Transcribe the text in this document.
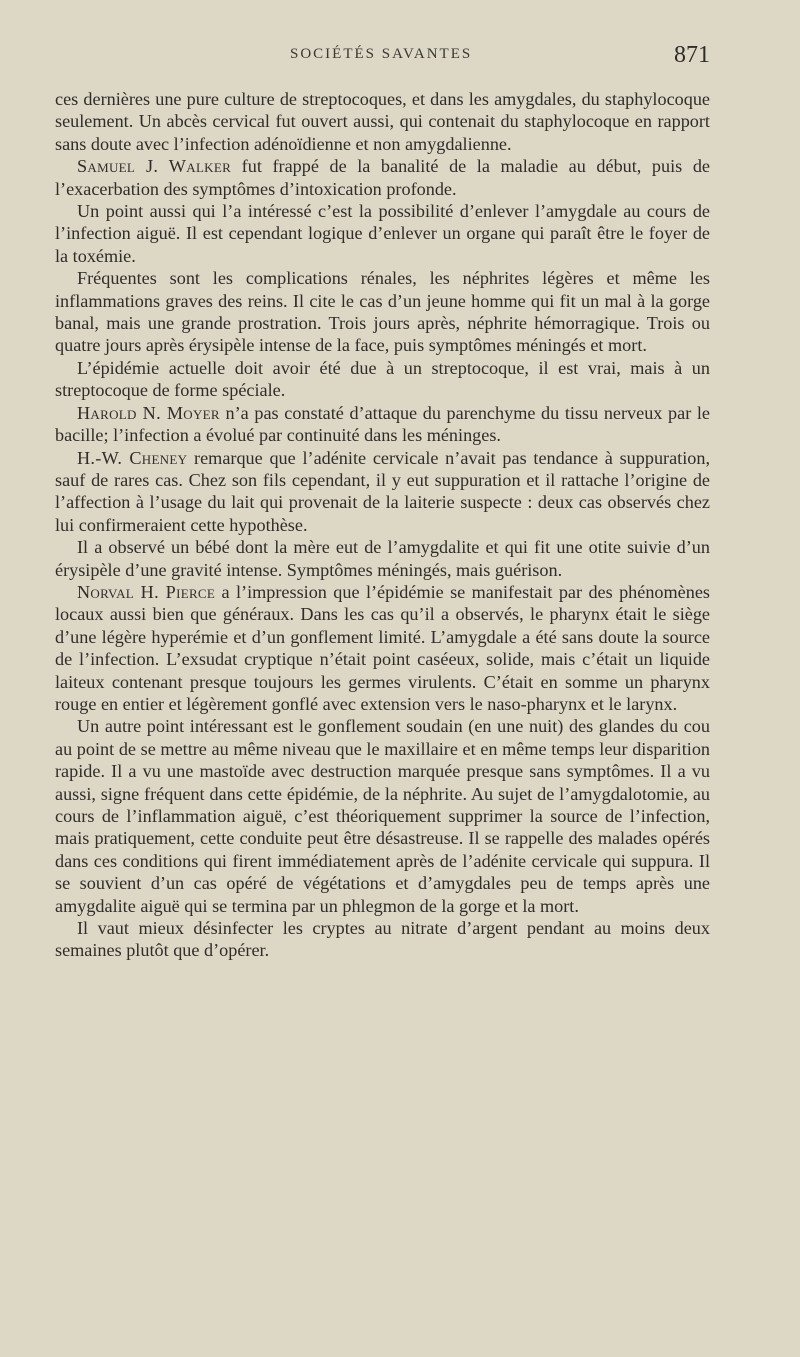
SOCIÉTÉS SAVANTES	871

ces dernières une pure culture de streptocoques, et dans les amygdales, du staphylocoque seulement. Un abcès cervical fut ouvert aussi, qui contenait du staphylocoque en rapport sans doute avec l’infection adénoïdienne et non amygdalienne.

Samuel J. Walker fut frappé de la banalité de la maladie au début, puis de l’exacerbation des symptômes d’intoxication profonde.

Un point aussi qui l’a intéressé c’est la possibilité d’enlever l’amygdale au cours de l’infection aiguë. Il est cependant logique d’enlever un organe qui paraît être le foyer de la toxémie.

Fréquentes sont les complications rénales, les néphrites légères et même les inflammations graves des reins. Il cite le cas d’un jeune homme qui fit un mal à la gorge banal, mais une grande prostration. Trois jours après, néphrite hémorragique. Trois ou quatre jours après érysipèle intense de la face, puis symptômes méningés et mort.

L’épidémie actuelle doit avoir été due à un streptocoque, il est vrai, mais à un streptocoque de forme spéciale.

Harold N. Moyer n’a pas constaté d’attaque du parenchyme du tissu nerveux par le bacille; l’infection a évolué par continuité dans les méninges.

H.-W. Cheney remarque que l’adénite cervicale n’avait pas tendance à suppuration, sauf de rares cas. Chez son fils cependant, il y eut suppuration et il rattache l’origine de l’affection à l’usage du lait qui provenait de la laiterie suspecte : deux cas observés chez lui confirmeraient cette hypothèse.

Il a observé un bébé dont la mère eut de l’amygdalite et qui fit une otite suivie d’un érysipèle d’une gravité intense. Symptômes méningés, mais guérison.

Norval H. Pierce a l’impression que l’épidémie se manifestait par des phénomènes locaux aussi bien que généraux. Dans les cas qu’il a observés, le pharynx était le siège d’une légère hyperémie et d’un gonflement limité. L’amygdale a été sans doute la source de l’infection. L’exsudat cryptique n’était point caséeux, solide, mais c’était un liquide laiteux contenant presque toujours les germes virulents. C’était en somme un pharynx rouge en entier et légèrement gonflé avec extension vers le naso-pharynx et le larynx.

Un autre point intéressant est le gonflement soudain (en une nuit) des glandes du cou au point de se mettre au même niveau que le maxillaire et en même temps leur disparition rapide. Il a vu une mastoïde avec destruction marquée presque sans symptômes. Il a vu aussi, signe fréquent dans cette épidémie, de la néphrite. Au sujet de l’amygdalotomie, au cours de l’inflammation aiguë, c’est théoriquement supprimer la source de l’infection, mais pratiquement, cette conduite peut être désastreuse. Il se rappelle des malades opérés dans ces conditions qui firent immédiatement après de l’adénite cervicale qui suppura. Il se souvient d’un cas opéré de végétations et d’amygdales peu de temps après une amygdalite aiguë qui se termina par un phlegmon de la gorge et la mort.

Il vaut mieux désinfecter les cryptes au nitrate d’argent pendant au moins deux semaines plutôt que d’opérer.
